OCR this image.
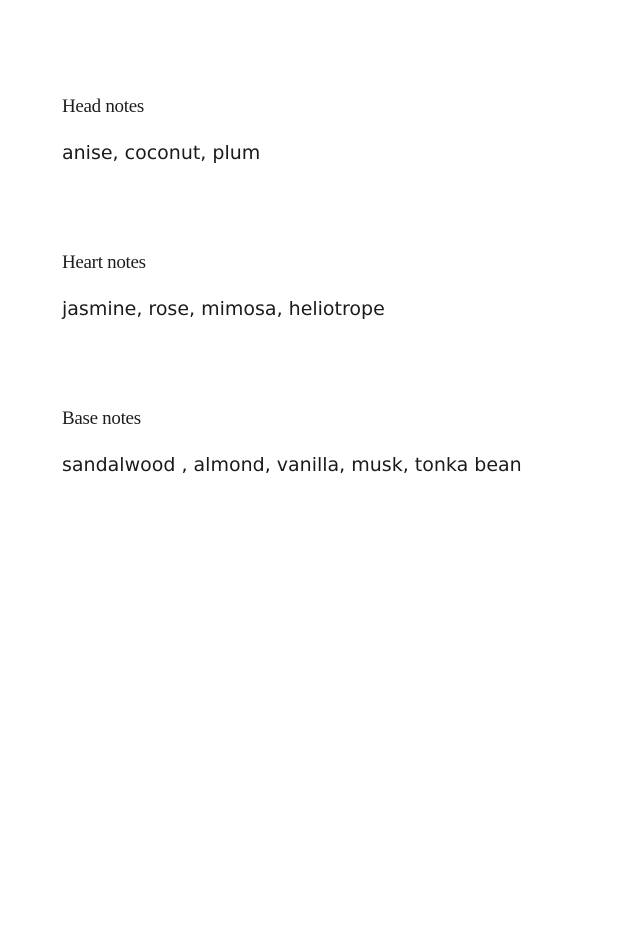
Head notes

anise, coconut, plum

Heart notes

jasmine, rose, mimosa, heliotrope

Base notes

sandalwood , almond, vanilla, musk, tonka bean
